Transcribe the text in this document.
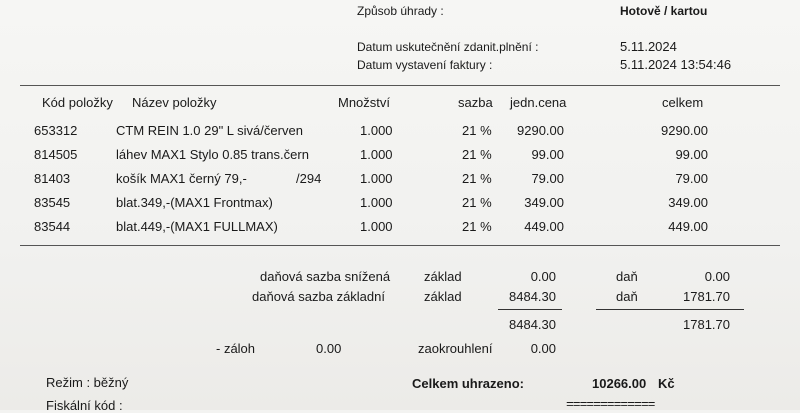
Způsob úhrady :	Hotově / kartou
Datum uskutečnění zdanit.plnění :	5.11.2024
Datum vystavení faktury :	5.11.2024 13:54:46
Kód položky Název položky	Množství	sazba jedn.cena	celkem
653312	CTM REIN 1.0 29" L sivá/červen	1.000	21 % 9290.00	9290.00
814505	láhev MAX1 Stylo 0.85 trans.čern	1.000	21 %	99.00	99.00
81403	košík MAX1 černý 79,-	/294	1.000	21 %	79.00	79.00
83545	blat.349,-(MAX1 Frontmax)	1.000	21 %	349.00	349.00
83544	blat.449,-(MAX1 FULLMAX)	1.000	21 %	449.00	449.00
daňová sazba snížená	základ	0.00	daň	0.00
daňová sazba základní	základ	8484.30	daň	1781.70
8484.30	1781.70
- záloh	0.00	zaokrouhlení	0.00
Režim : běžný	Celkem uhrazeno:	10266.00 Kč
Fiskální kód :	=============
